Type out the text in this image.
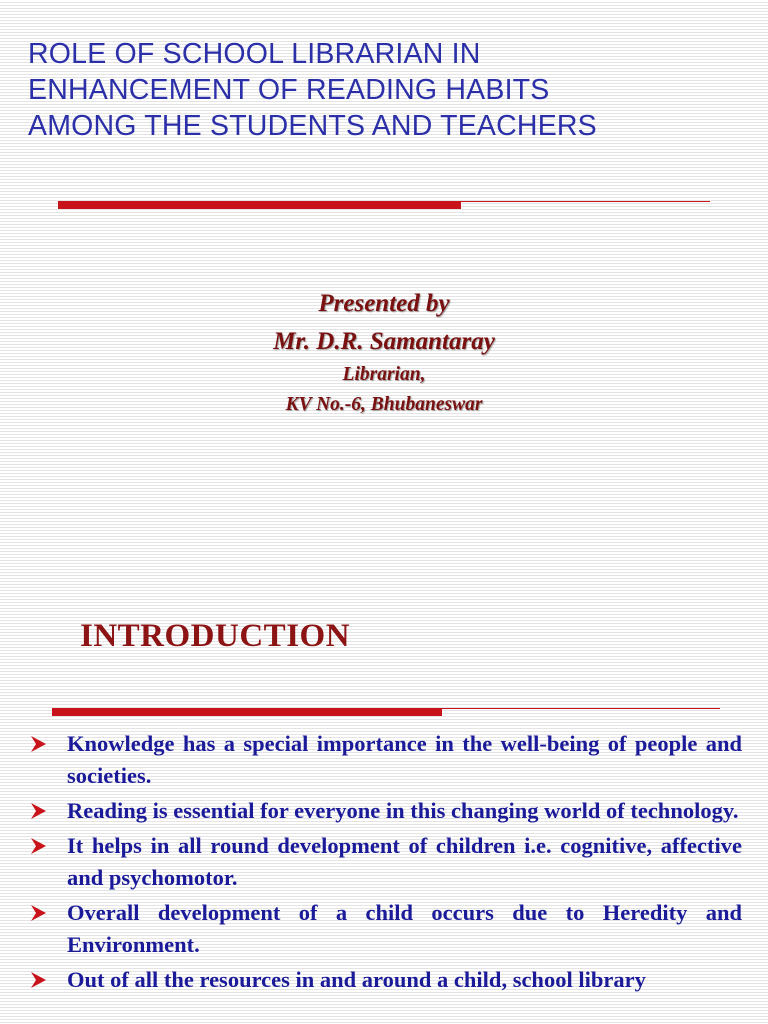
ROLE OF SCHOOL LIBRARIAN IN
ENHANCEMENT OF READING HABITS
AMONG THE STUDENTS AND TEACHERS
Presented by
Mr. D.R. Samantaray
Librarian,
KV No.-6, Bhubaneswar
INTRODUCTION
Knowledge has a special importance in the well-being of people and societies.
Reading is essential for everyone in this changing world of technology.
It helps in all round development of children i.e. cognitive, affective and psychomotor.
Overall development of a child occurs due to Heredity and Environment.
Out of all the resources in and around a child, school library
